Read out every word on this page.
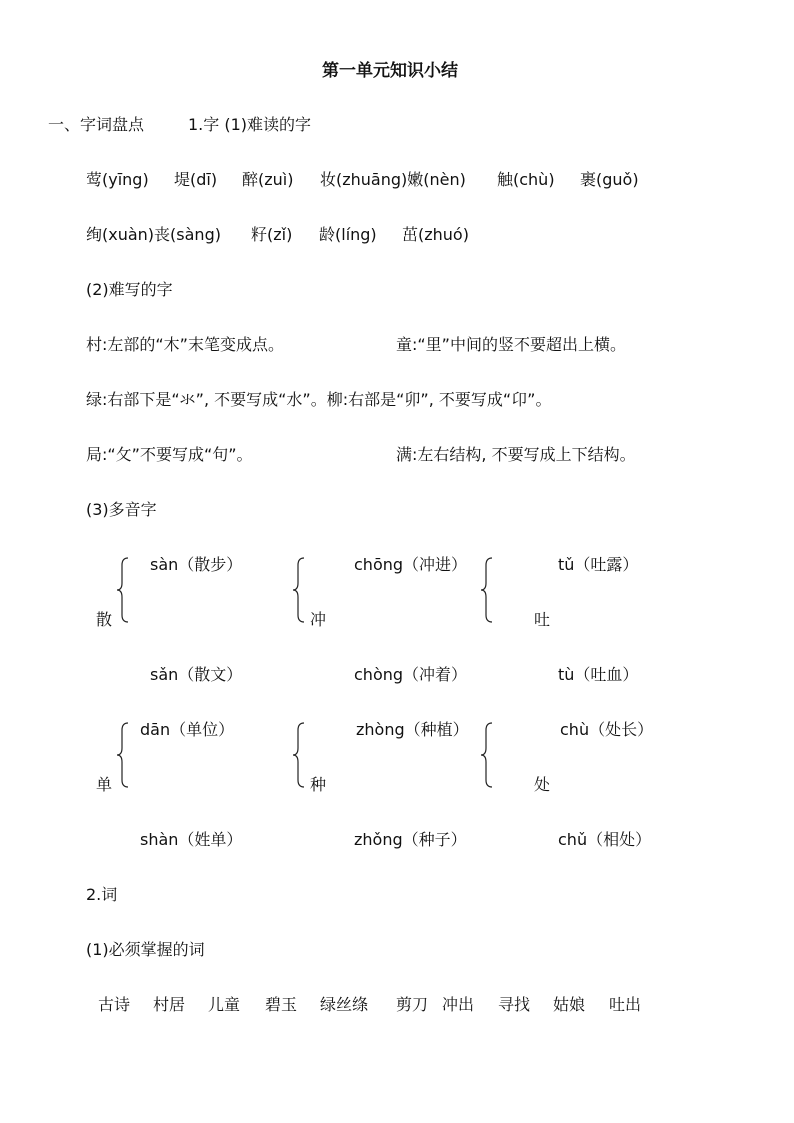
第一单元知识小结
一、字词盘点	1.字 (1)难读的字
莺(yīng) 堤(dī) 醉(zuì) 妆(zhuāng)嫩(nèn) 触(chù) 裹(guǒ)
绚(xuàn)丧(sàng) 籽(zǐ) 龄(líng) 茁(zhuó)
(2)难写的字
村:左部的“木”末笔变成点。	童:“里”中间的竖不要超出上横。
绿:右部下是“氺”, 不要写成“水”。柳:右部是“卯”, 不要写成“卬”。
局:“⺙”不要写成“句”。	满:左右结构, 不要写成上下结构。
(3)多音字
散
sàn（散步）
sǎn（散文）
冲
chōng（冲进）
chòng（冲着）
吐
tǔ（吐露）
tù（吐血）
单
dān（单位）
shàn（姓单）
种
zhòng（种植）
zhǒng（种子）
处
chù（处长）
chǔ（相处）
2.词
(1)必须掌握的词
古诗 村居 儿童 碧玉 绿丝绦 剪刀 冲出 寻找 姑娘 吐出
